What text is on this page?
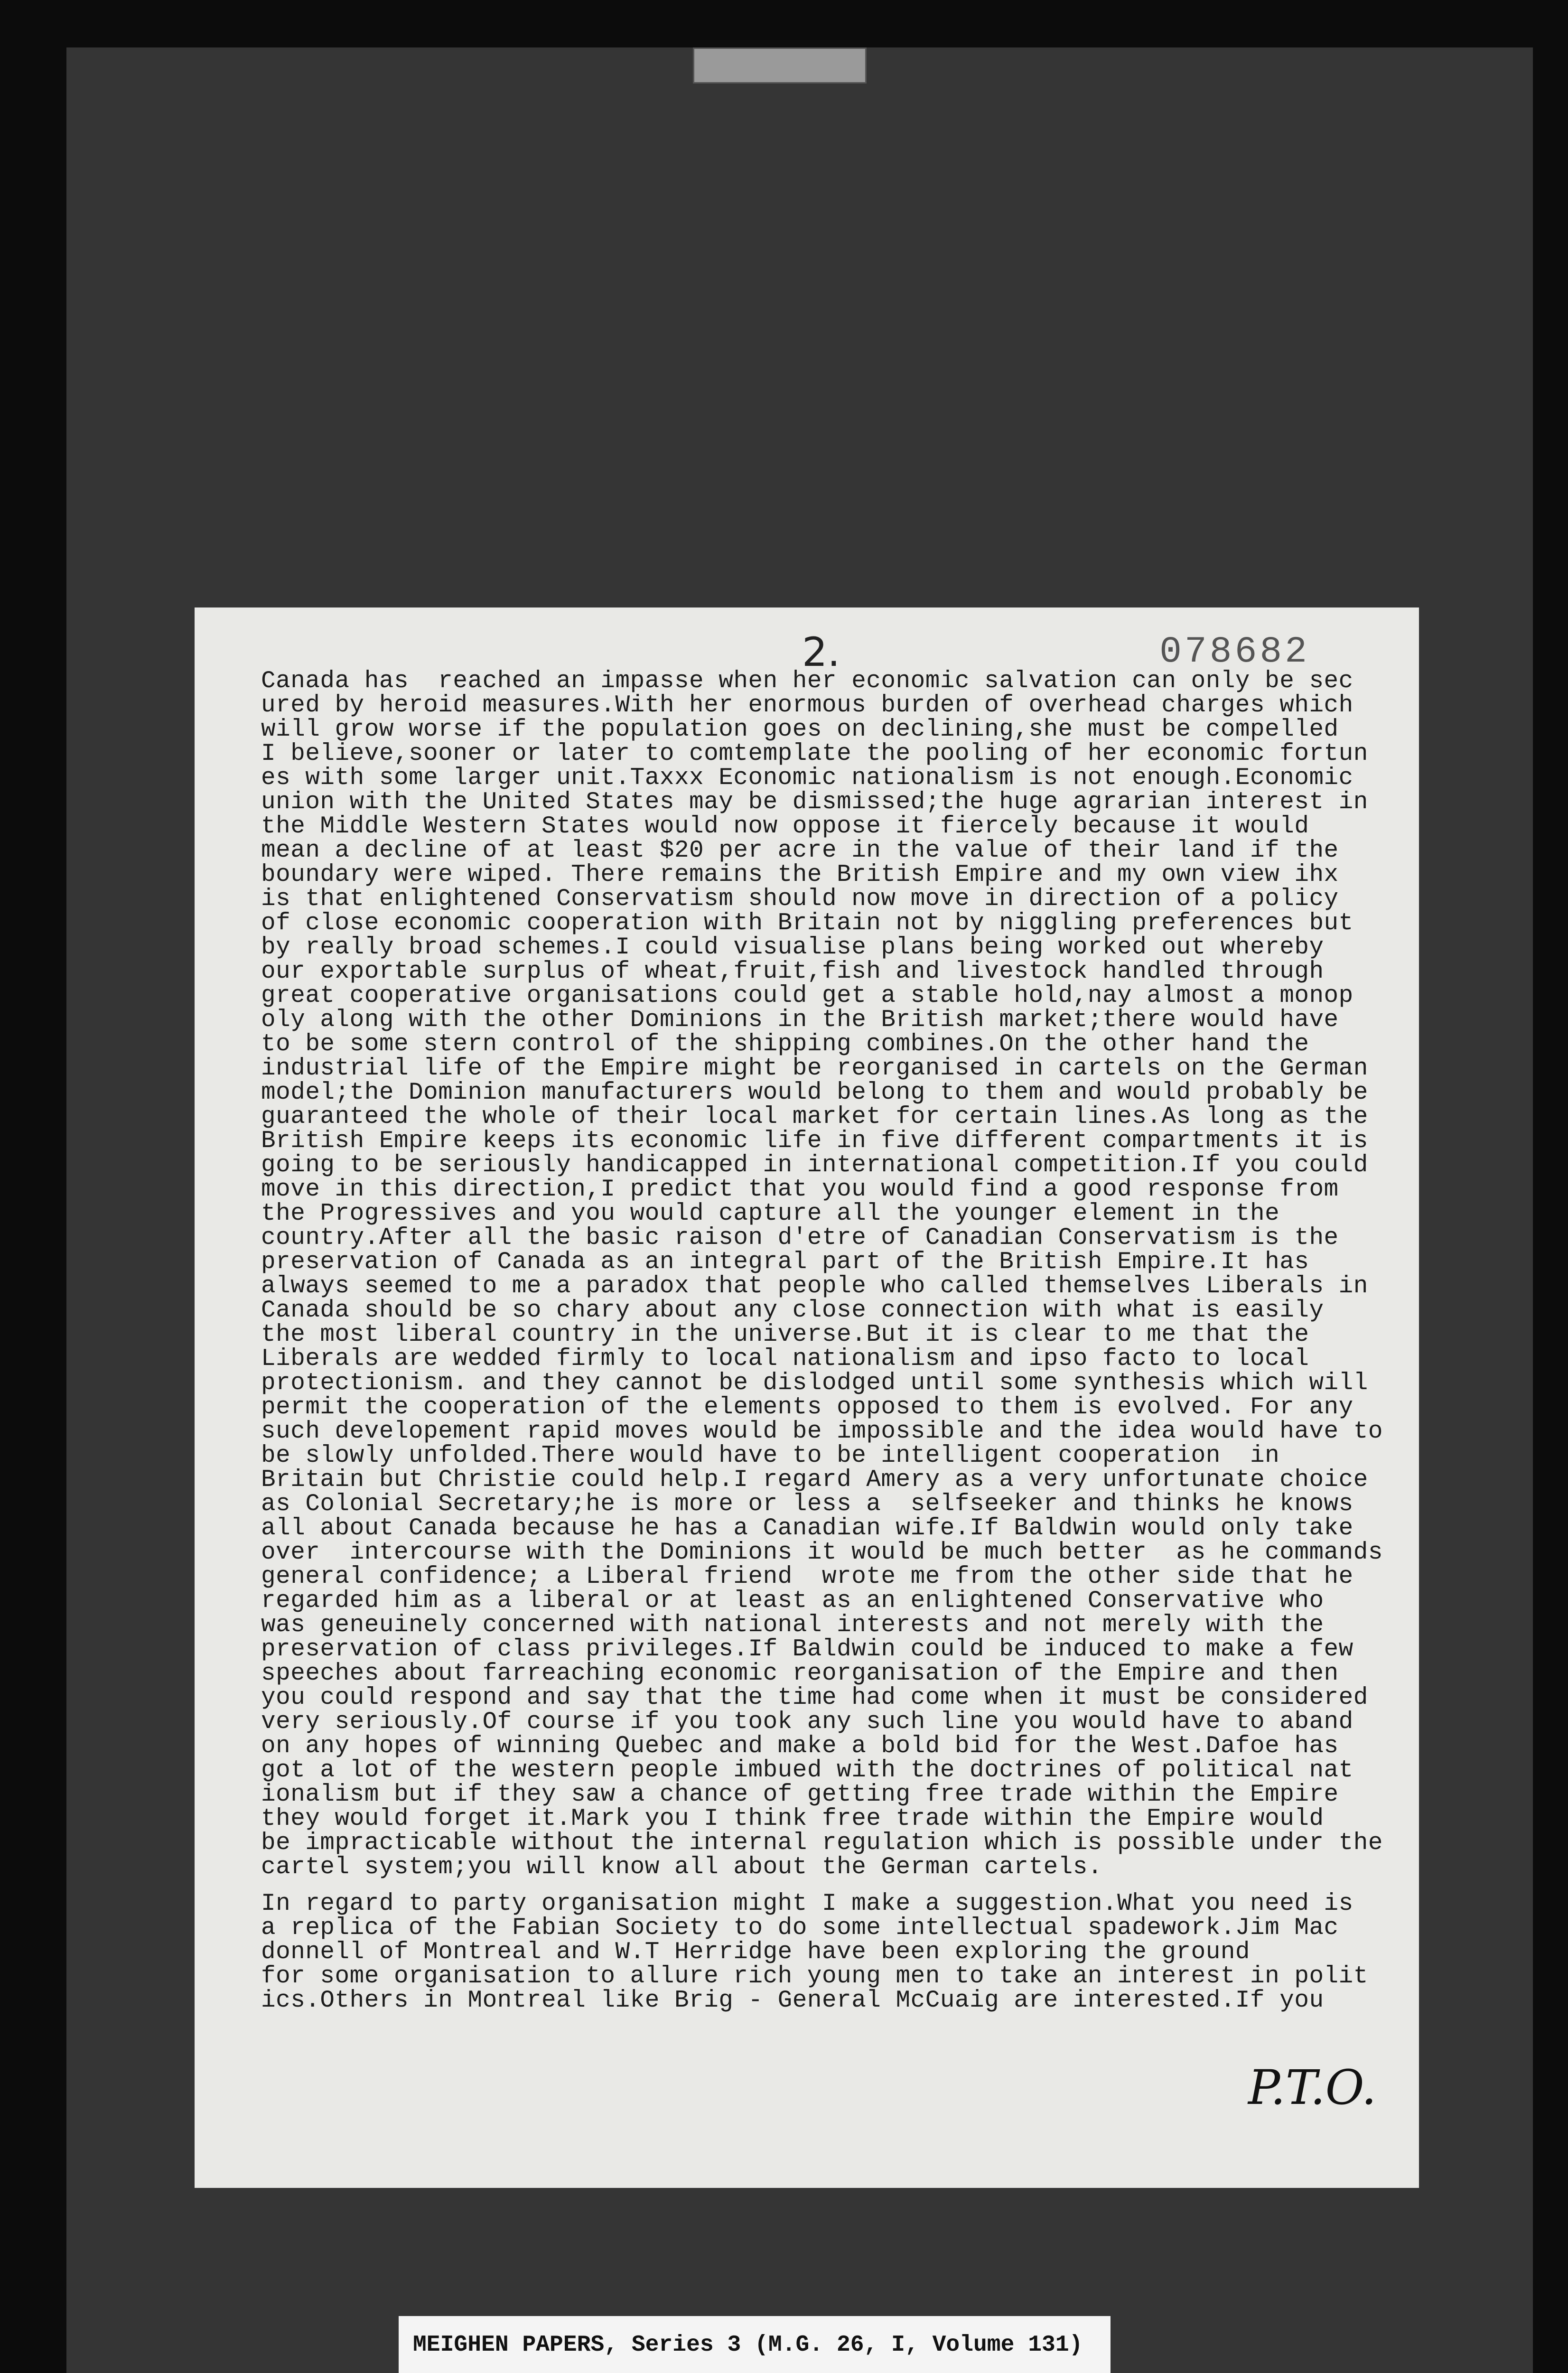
2.	078682
Canada has  reached an impasse when her economic salvation can only be sec
ured by heroid measures.With her enormous burden of overhead charges which
will grow worse if the population goes on declining,she must be compelled
I believe,sooner or later to comtemplate the pooling of her economic fortun
es with some larger unit.Taxxx Economic nationalism is not enough.Economic
union with the United States may be dismissed;the huge agrarian interest in
the Middle Western States would now oppose it fiercely because it would
mean a decline of at least $20 per acre in the value of their land if the
boundary were wiped. There remains the British Empire and my own view ihx
is that enlightened Conservatism should now move in direction of a policy
of close economic cooperation with Britain not by niggling preferences but
by really broad schemes.I could visualise plans being worked out whereby
our exportable surplus of wheat,fruit,fish and livestock handled through
great cooperative organisations could get a stable hold,nay almost a monop
oly along with the other Dominions in the British market;there would have
to be some stern control of the shipping combines.On the other hand the
industrial life of the Empire might be reorganised in cartels on the German
model;the Dominion manufacturers would belong to them and would probably be
guaranteed the whole of their local market for certain lines.As long as the
British Empire keeps its economic life in five different compartments it is
going to be seriously handicapped in international competition.If you could
move in this direction,I predict that you would find a good response from
the Progressives and you would capture all the younger element in the
country.After all the basic raison d'etre of Canadian Conservatism is the
preservation of Canada as an integral part of the British Empire.It has
always seemed to me a paradox that people who called themselves Liberals in
Canada should be so chary about any close connection with what is easily
the most liberal country in the universe.But it is clear to me that the
Liberals are wedded firmly to local nationalism and ipso facto to local
protectionism. and they cannot be dislodged until some synthesis which will
permit the cooperation of the elements opposed to them is evolved. For any
such developement rapid moves would be impossible and the idea would have to
be slowly unfolded.There would have to be intelligent cooperation  in
Britain but Christie could help.I regard Amery as a very unfortunate choice
as Colonial Secretary;he is more or less a  selfseeker and thinks he knows
all about Canada because he has a Canadian wife.If Baldwin would only take
over  intercourse with the Dominions it would be much better  as he commands
general confidence; a Liberal friend  wrote me from the other side that he
regarded him as a liberal or at least as an enlightened Conservative who
was geneuinely concerned with national interests and not merely with the
preservation of class privileges.If Baldwin could be induced to make a few
speeches about farreaching economic reorganisation of the Empire and then
you could respond and say that the time had come when it must be considered
very seriously.Of course if you took any such line you would have to aband
on any hopes of winning Quebec and make a bold bid for the West.Dafoe has
got a lot of the western people imbued with the doctrines of political nat
ionalism but if they saw a chance of getting free trade within the Empire
they would forget it.Mark you I think free trade within the Empire would
be impracticable without the internal regulation which is possible under the
cartel system;you will know all about the German cartels.
In regard to party organisation might I make a suggestion.What you need is
a replica of the Fabian Society to do some intellectual spadework.Jim Mac
donnell of Montreal and W.T Herridge have been exploring the ground
for some organisation to allure rich young men to take an interest in polit
ics.Others in Montreal like Brig - General McCuaig are interested.If you
P.T.O.
MEIGHEN PAPERS, Series 3 (M.G. 26, I, Volume 131)
